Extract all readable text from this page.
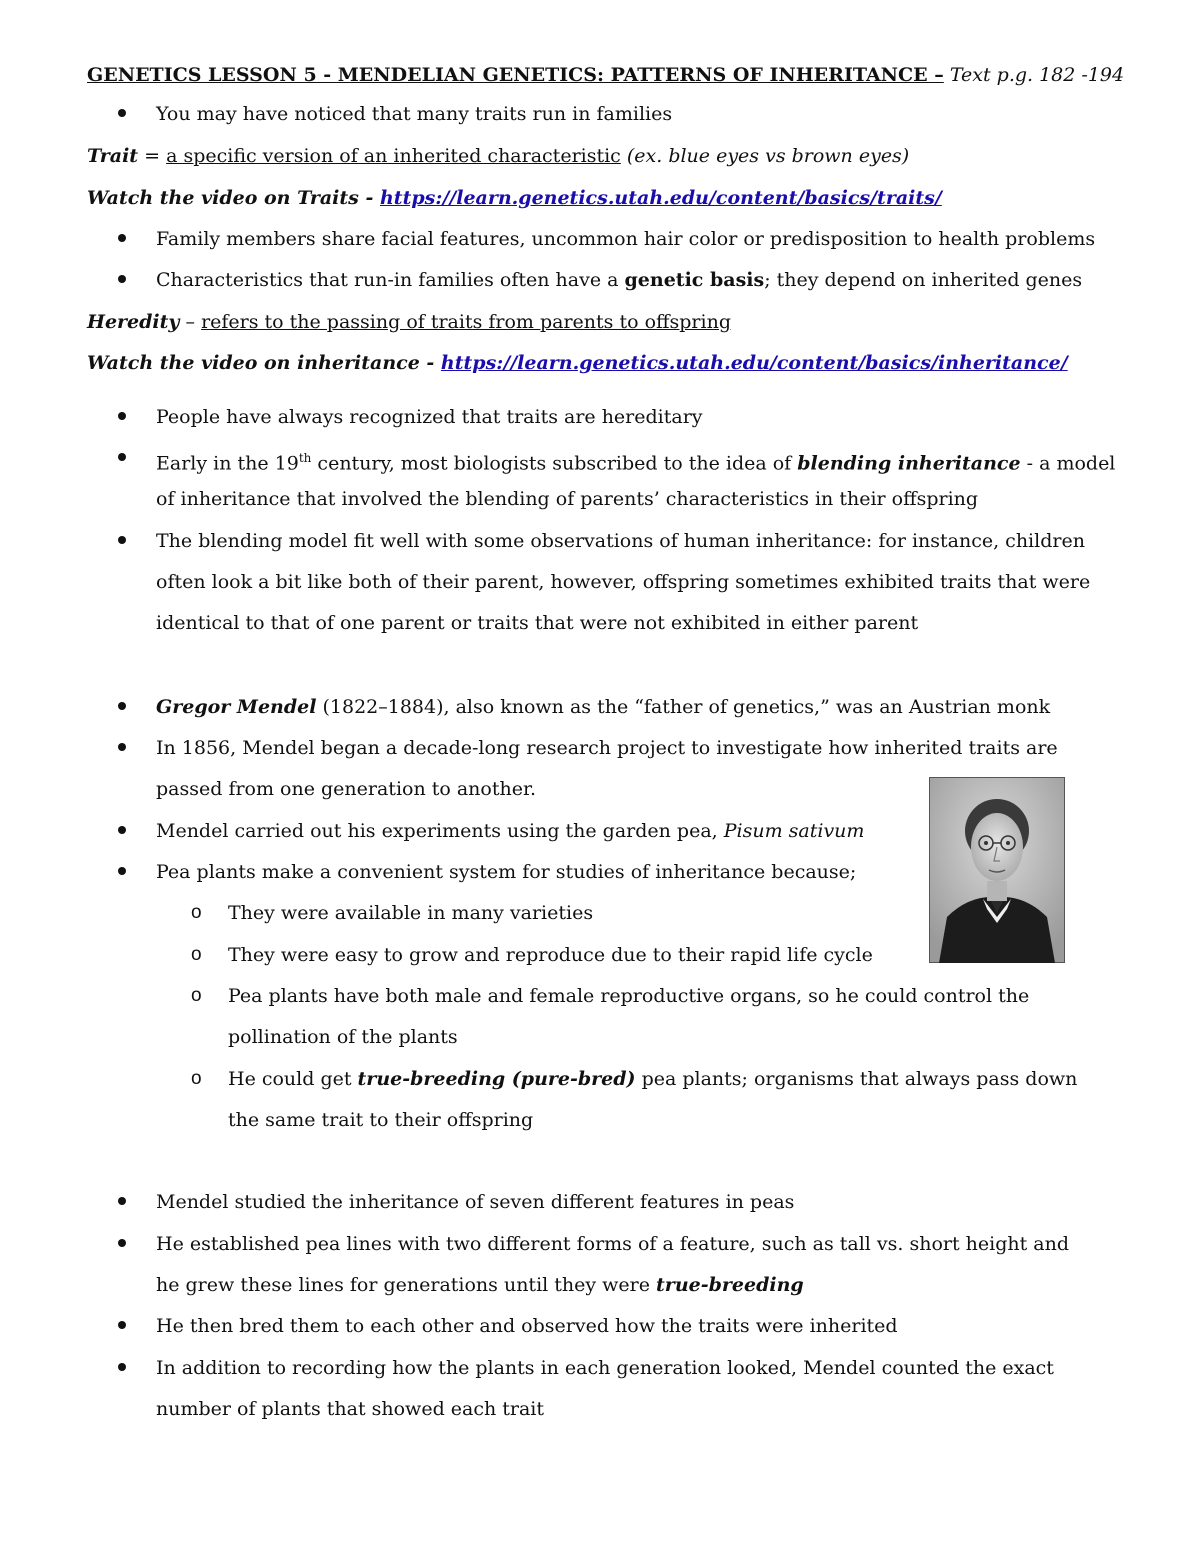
GENETICS LESSON 5 - MENDELIAN GENETICS: PATTERNS OF INHERITANCE – Text p.g. 182 -194
You may have noticed that many traits run in families
Trait = a specific version of an inherited characteristic (ex. blue eyes vs brown eyes)
Watch the video on Traits - https://learn.genetics.utah.edu/content/basics/traits/
Family members share facial features, uncommon hair color or predisposition to health problems
Characteristics that run-in families often have a genetic basis; they depend on inherited genes
Heredity – refers to the passing of traits from parents to offspring
Watch the video on inheritance - https://learn.genetics.utah.edu/content/basics/inheritance/
People have always recognized that traits are hereditary
Early in the 19th century, most biologists subscribed to the idea of blending inheritance - a model
of inheritance that involved the blending of parents’ characteristics in their offspring
The blending model fit well with some observations of human inheritance: for instance, children
often look a bit like both of their parent, however, offspring sometimes exhibited traits that were
identical to that of one parent or traits that were not exhibited in either parent
Gregor Mendel (1822–1884), also known as the “father of genetics,” was an Austrian monk
In 1856, Mendel began a decade-long research project to investigate how inherited traits are
passed from one generation to another.
Mendel carried out his experiments using the garden pea, Pisum sativum
Pea plants make a convenient system for studies of inheritance because;
o They were available in many varieties
o They were easy to grow and reproduce due to their rapid life cycle
o Pea plants have both male and female reproductive organs, so he could control the
pollination of the plants
o He could get true-breeding (pure-bred) pea plants; organisms that always pass down
the same trait to their offspring
Mendel studied the inheritance of seven different features in peas
He established pea lines with two different forms of a feature, such as tall vs. short height and
he grew these lines for generations until they were true-breeding
He then bred them to each other and observed how the traits were inherited
In addition to recording how the plants in each generation looked, Mendel counted the exact
number of plants that showed each trait
